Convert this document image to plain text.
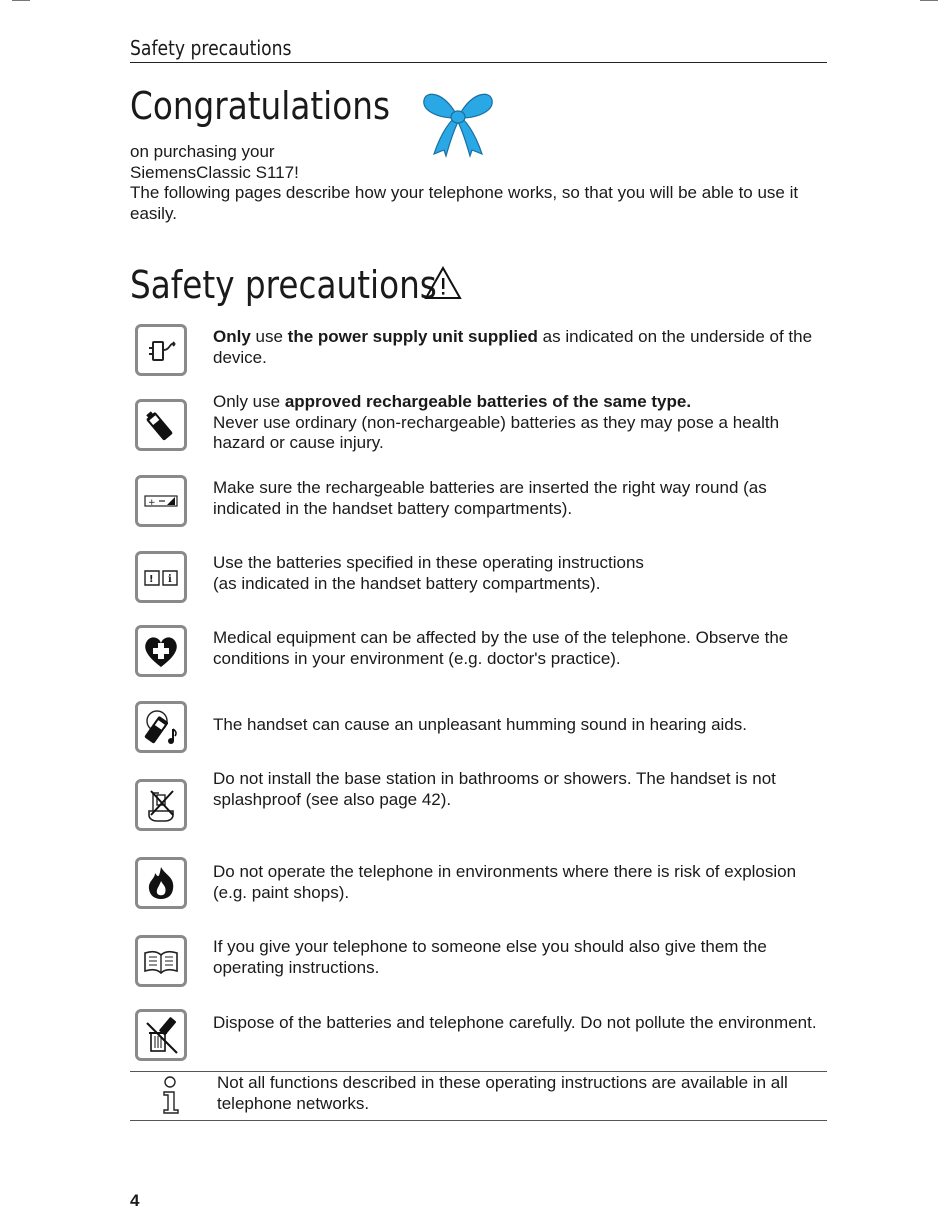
Safety precautions
Congratulations
on purchasing your
SiemensClassic S117!
The following pages describe how your telephone works, so that you will be able to use it easily.
Safety precautions
Only use the power supply unit supplied as indicated on the underside of the device.
Only use approved rechargeable batteries of the same type.
Never use ordinary (non-rechargeable) batteries as they may pose a health hazard or cause injury.
+
Make sure the rechargeable batteries are inserted the right way round (as indicated in the handset battery compartments).
! i
Use the batteries specified in these operating instructions
(as indicated in the handset battery compartments).
Medical equipment can be affected by the use of the telephone. Observe the conditions in your environment (e.g. doctor's practice).
The handset can cause an unpleasant humming sound in hearing aids.
Do not install the base station in bathrooms or showers. The handset is not splashproof (see also page 42).
Do not operate the telephone in environments where there is risk of explosion (e.g. paint shops).
If you give your telephone to someone else you should also give them the operating instructions.
Dispose of the batteries and telephone carefully. Do not pollute the environment.
Not all functions described in these operating instructions are available in all telephone networks.
4
